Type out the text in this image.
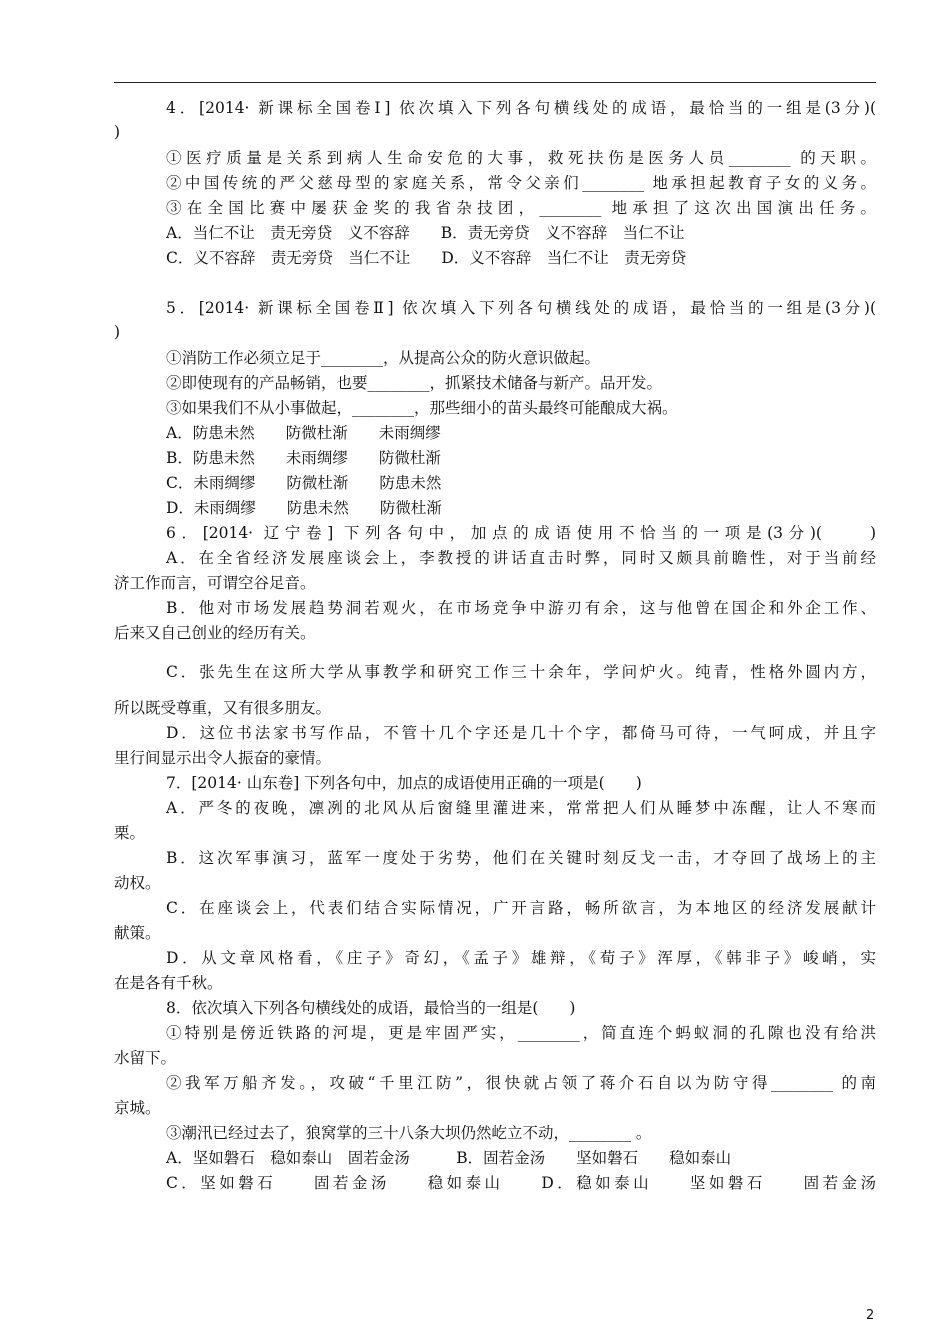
4．[2014· 新课标全国卷Ⅰ] 依次填入下列各句横线处的成语，最恰当的一组是(3分)(
)
①医疗质量是关系到病人生命安危的大事，救死扶伤是医务人员________ 的天职。
②中国传统的严父慈母型的家庭关系，常令父亲们________ 地承担起教育子女的义务。
③在全国比赛中屡获金奖的我省杂技团，________ 地承担了这次出国演出任务。
A．当仁不让　责无旁贷　义不容辞　　B．责无旁贷　义不容辞　当仁不让
C．义不容辞　责无旁贷　当仁不让　　D．义不容辞　当仁不让　责无旁贷
5．[2014· 新课标全国卷Ⅱ] 依次填入下列各句横线处的成语，最恰当的一组是(3分)(
)
①消防工作必须立足于________，从提高公众的防火意识做起。
②即使现有的产品畅销，也要________，抓紧技术储备与新产。品开发。
③如果我们不从小事做起，________，那些细小的苗头最终可能酿成大祸。
A．防患未然　　防微杜渐　　未雨绸缪
B．防患未然　　未雨绸缪　　防微杜渐
C．未雨绸缪　　防微杜渐　　防患未然
D．未雨绸缪　　防患未然　　防微杜渐
6．[2014· 辽宁卷] 下列各句中，加点的成语使用不恰当的一项是(3分)(　　)
A．在全省经济发展座谈会上，李教授的讲话直击时弊，同时又颇具前瞻性，对于当前经
济工作而言，可谓空谷足音。
B．他对市场发展趋势洞若观火，在市场竞争中游刃有余，这与他曾在国企和外企工作、
后来又自己创业的经历有关。
C．张先生在这所大学从事教学和研究工作三十余年，学问炉火。纯青，性格外圆内方，
所以既受尊重，又有很多朋友。
D．这位书法家书写作品，不管十几个字还是几十个字，都倚马可待，一气呵成，并且字
里行间显示出令人振奋的豪情。
7．[2014· 山东卷] 下列各句中，加点的成语使用正确的一项是(　　)
A．严冬的夜晚，凛冽的北风从后窗缝里灌进来，常常把人们从睡梦中冻醒，让人不寒而
栗。
B．这次军事演习，蓝军一度处于劣势，他们在关键时刻反戈一击，才夺回了战场上的主
动权。
C．在座谈会上，代表们结合实际情况，广开言路，畅所欲言，为本地区的经济发展献计
献策。
D．从文章风格看，《庄子》奇幻，《孟子》雄辩，《荀子》浑厚，《韩非子》峻峭，实
在是各有千秋。
8．依次填入下列各句横线处的成语，最恰当的一组是(　　)
①特别是傍近铁路的河堤，更是牢固严实，________，简直连个蚂蚁洞的孔隙也没有给洪
水留下。
②我军万船齐发。，攻破“千里江防”，很快就占领了蒋介石自以为防守得________ 的南
京城。
③潮汛已经过去了，狼窝掌的三十八条大坝仍然屹立不动，________ 。
A．坚如磐石　稳如泰山　固若金汤　　　B．固若金汤　　坚如磐石　　稳如泰山
C．坚如磐石　　固若金汤　　稳如泰山　　D．稳如泰山　　坚如磐石　　固若金汤
2
